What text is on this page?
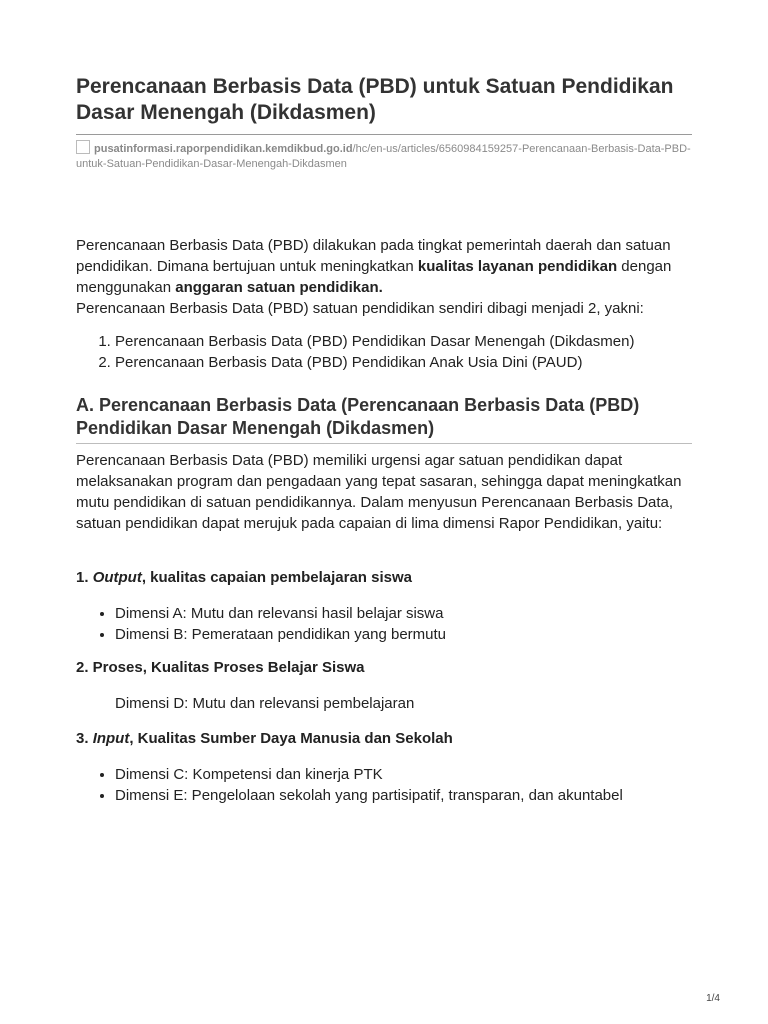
Perencanaan Berbasis Data (PBD) untuk Satuan Pendidikan Dasar Menengah (Dikdasmen)
pusatinformasi.raporpendidikan.kemdikbud.go.id/hc/en-us/articles/6560984159257-Perencanaan-Berbasis-Data-PBD-untuk-Satuan-Pendidikan-Dasar-Menengah-Dikdasmen

Perencanaan Berbasis Data (PBD) dilakukan pada tingkat pemerintah daerah dan satuan pendidikan. Dimana bertujuan untuk meningkatkan kualitas layanan pendidikan dengan menggunakan anggaran satuan pendidikan.

Perencanaan Berbasis Data (PBD) satuan pendidikan sendiri dibagi menjadi 2, yakni:

1. Perencanaan Berbasis Data (PBD) Pendidikan Dasar Menengah (Dikdasmen)
2. Perencanaan Berbasis Data (PBD) Pendidikan Anak Usia Dini (PAUD)
A. Perencanaan Berbasis Data (Perencanaan Berbasis Data (PBD) Pendidikan Dasar Menengah (Dikdasmen)

Perencanaan Berbasis Data (PBD) memiliki urgensi agar satuan pendidikan dapat melaksanakan program dan pengadaan yang tepat sasaran, sehingga dapat meningkatkan mutu pendidikan di satuan pendidikannya. Dalam menyusun Perencanaan Berbasis Data, satuan pendidikan dapat merujuk pada capaian di lima dimensi Rapor Pendidikan, yaitu:

1. Output, kualitas capaian pembelajaran siswa

• Dimensi A: Mutu dan relevansi hasil belajar siswa
• Dimensi B: Pemerataan pendidikan yang bermutu

2. Proses, Kualitas Proses Belajar Siswa

Dimensi D: Mutu dan relevansi pembelajaran

3. Input, Kualitas Sumber Daya Manusia dan Sekolah

• Dimensi C: Kompetensi dan kinerja PTK
• Dimensi E: Pengelolaan sekolah yang partisipatif, transparan, dan akuntabel
1/4
